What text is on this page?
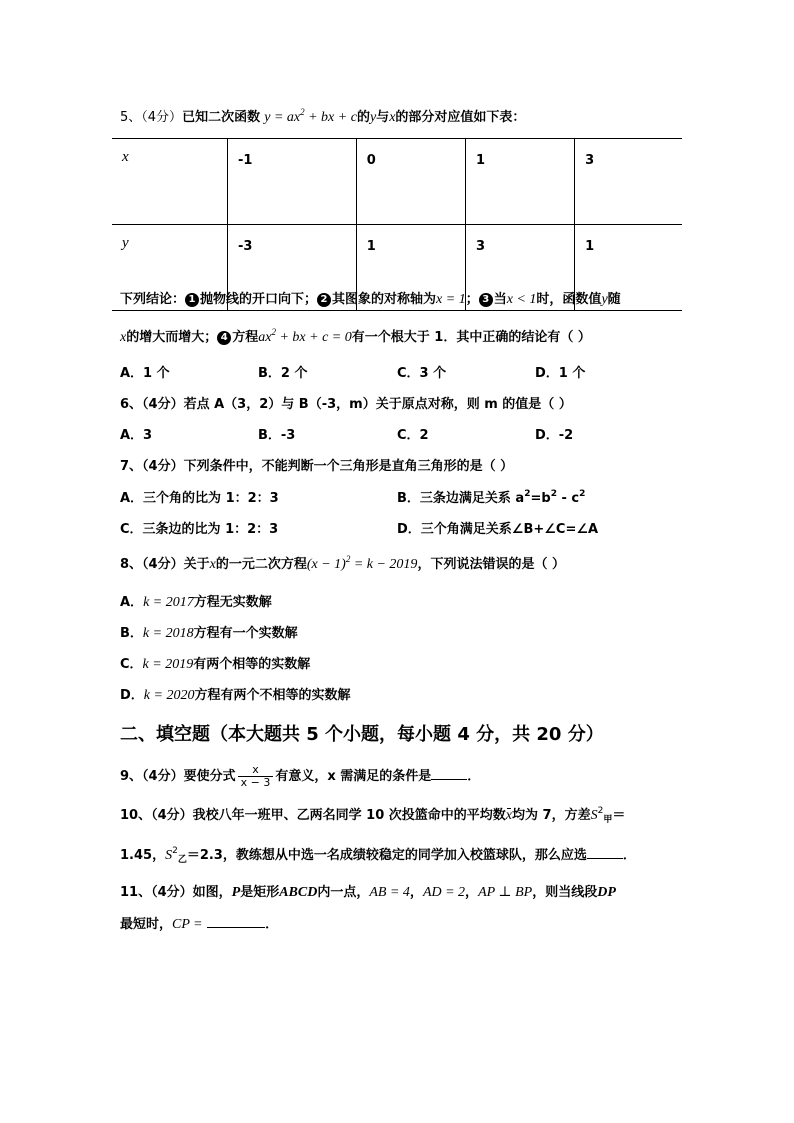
5、（4分）已知二次函数 $y = ax^2$ + bx + c的y与x的部分对应值如下表：
x	-1	0	1	3
y	-3	1	3	1
下列结论： 1 抛物线的开口向下； 2 其图象的对称轴为x = 1； 3 当x < 1时，函数值y随
x的增大而增大； 4 方程$ax^2$ + bx + c = 0有一个根大于 1．其中正确的结论有（ ）
A．1 个	B．2 个	C．3 个	D．1 个
6、（4分）若点 A（3，2）与 B（-3，m）关于原点对称，则 m 的值是（ ）
A．3	B．-3	C．2	D．-2
7、（4分）下列条件中，不能判断一个三角形是直角三角形的是（ ）
A．三个角的比为 1：2：3	B．三条边满足关系 $a^2=b^2 - c^2$
C．三条边的比为 1：2：3	D．三个角满足关系∠B+∠C=∠A
8、（4分）关于x的一元二次方程$(x - 1)^2 = k - 2019$，下列说法错误的是（ ）
A．k = 2017方程无实数解
B．k = 2018方程有一个实数解
C．k = 2019有两个相等的实数解
D．k = 2020方程有两个不相等的实数解
二、填空题（本大题共 5 个小题，每小题 4 分，共 20 分）
9、（4分）要使分式 $\frac{x}{x - 3}$ 有意义，x 需满足的条件是	．
10、（4分）我校八年一班甲、乙两名同学 10 次投篮命中的平均数x均为 7，方差$S^2_甲=$
1.45，$S^2_乙=2.3$，教练想从中选一名成绩较稳定的同学加入校篮球队，那么应选	．
11、（4分）如图，P是矩形ABCD内一点，AB = 4，AD = 2，AP ⊥ BP，则当线段DP
最短时，CP =	．
